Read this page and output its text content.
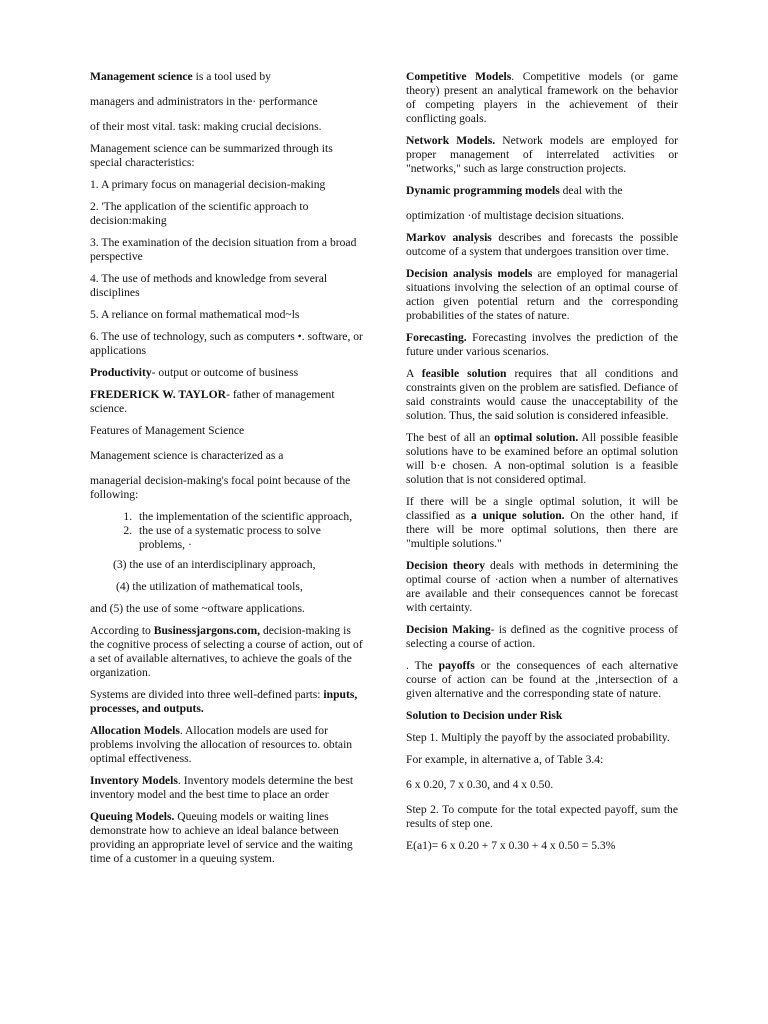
Management science is a tool used by

managers and administrators in the· performance

of their most vital. task: making crucial decisions.

Management science can be summarized through its special characteristics:

1. A primary focus on managerial decision-making

2. 'The application of the scientific approach to decision:making

3. The examination of the decision situation from a broad perspective

4. The use of methods and knowledge from several disciplines

5. A reliance on formal mathematical mod~ls

6. The use of technology, such as computers •. software, or applications

Productivity- output or outcome of business

FREDERICK W. TAYLOR- father of management science.

Features of Management Science

Management science is characterized as a

managerial decision-making's focal point because of the following:

1. the implementation of the scientific approach,
2. the use of a systematic process to solve problems, ·

(3) the use of an interdisciplinary approach,

(4) the utilization of mathematical tools,

and (5) the use of some ~oftware applications.

According to Businessjargons.com, decision-making is the cognitive process of selecting a course of action, out of a set of available alternatives, to achieve the goals of the organization.

Systems are divided into three well-defined parts: inputs, processes, and outputs.

Allocation Models. Allocation models are used for problems involving the allocation of resources to. obtain optimal effectiveness.

Inventory Models. Inventory models determine the best inventory model and the best time to place an order

Queuing Models. Queuing models or waiting lines demonstrate how to achieve an ideal balance between providing an appropriate level of service and the waiting time of a customer in a queuing system.

Competitive Models. Competitive models (or game theory) present an analytical framework on the behavior of competing players in the achievement of their conflicting goals.

Network Models. Network models are employed for proper management of interrelated activities or "networks," such as large construction projects.

Dynamic programming models deal with the

optimization ·of multistage decision situations.

Markov analysis describes and forecasts the possible outcome of a system that undergoes transition over time.

Decision analysis models are employed for managerial situations involving the selection of an optimal course of action given potential return and the corresponding probabilities of the states of nature.

Forecasting. Forecasting involves the prediction of the future under various scenarios.

A feasible solution requires that all conditions and constraints given on the problem are satisfied. Defiance of said constraints would cause the unacceptability of the solution. Thus, the said solution is considered infeasible.

The best of all an optimal solution. All possible feasible solutions have to be examined before an optimal solution will b·e chosen. A non-optimal solution is a feasible solution that is not considered optimal.

If there will be a single optimal solution, it will be classified as a unique solution. On the other hand, if there will be more optimal solutions, then there are "multiple solutions."

Decision theory deals with methods in determining the optimal course of ·action when a number of alternatives are available and their consequences cannot be forecast with certainty.

Decision Making- is defined as the cognitive process of selecting a course of action.

. The payoffs or the consequences of each alternative course of action can be found at the ,intersection of a given alternative and the corresponding state of nature.

Solution to Decision under Risk

Step 1. Multiply the payoff by the associated probability.

For example, in alternative a, of Table 3.4:

6 x 0.20, 7 x 0.30, and 4 x 0.50.

Step 2. To compute for the total expected payoff, sum the results of step one.

E(a1)= 6 x 0.20 + 7 x 0.30 + 4 x 0.50 = 5.3%
